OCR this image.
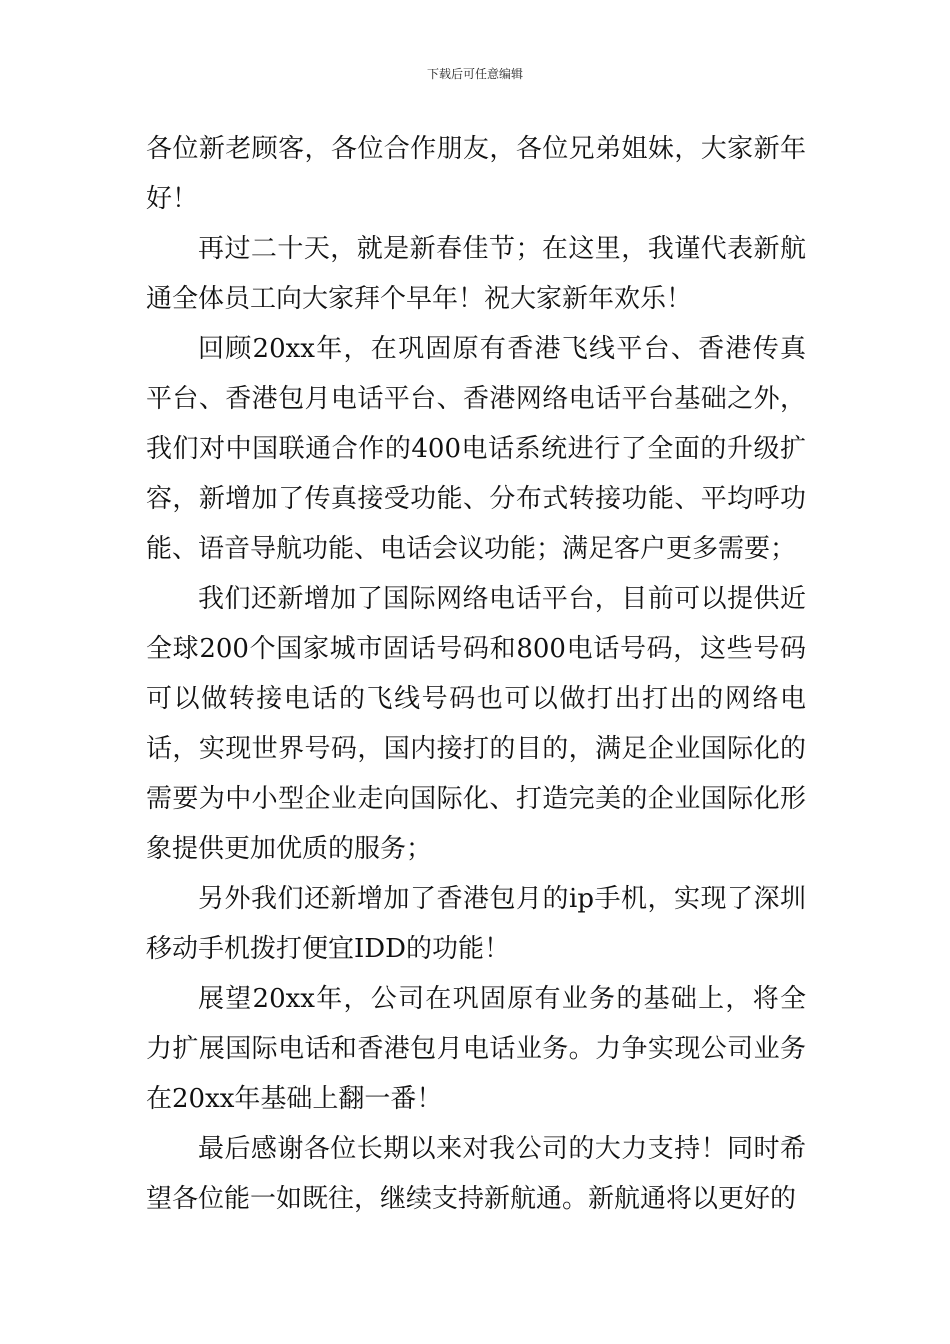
下载后可任意编辑

各位新老顾客，各位合作朋友，各位兄弟姐妹，大家新年好！

再过二十天，就是新春佳节；在这里，我谨代表新航通全体员工向大家拜个早年！祝大家新年欢乐！

回顾20xx年，在巩固原有香港飞线平台、香港传真平台、香港包月电话平台、香港网络电话平台基础之外，我们对中国联通合作的400电话系统进行了全面的升级扩容，新增加了传真接受功能、分布式转接功能、平均呼功能、语音导航功能、电话会议功能；满足客户更多需要；

我们还新增加了国际网络电话平台，目前可以提供近全球200个国家城市固话号码和800电话号码，这些号码可以做转接电话的飞线号码也可以做打出打出的网络电话，实现世界号码，国内接打的目的，满足企业国际化的需要为中小型企业走向国际化、打造完美的企业国际化形象提供更加优质的服务；

另外我们还新增加了香港包月的ip手机，实现了深圳移动手机拨打便宜IDD的功能！

展望20xx年，公司在巩固原有业务的基础上，将全力扩展国际电话和香港包月电话业务。力争实现公司业务在20xx年基础上翻一番！

最后感谢各位长期以来对我公司的大力支持！同时希望各位能一如既往，继续支持新航通。新航通将以更好的
